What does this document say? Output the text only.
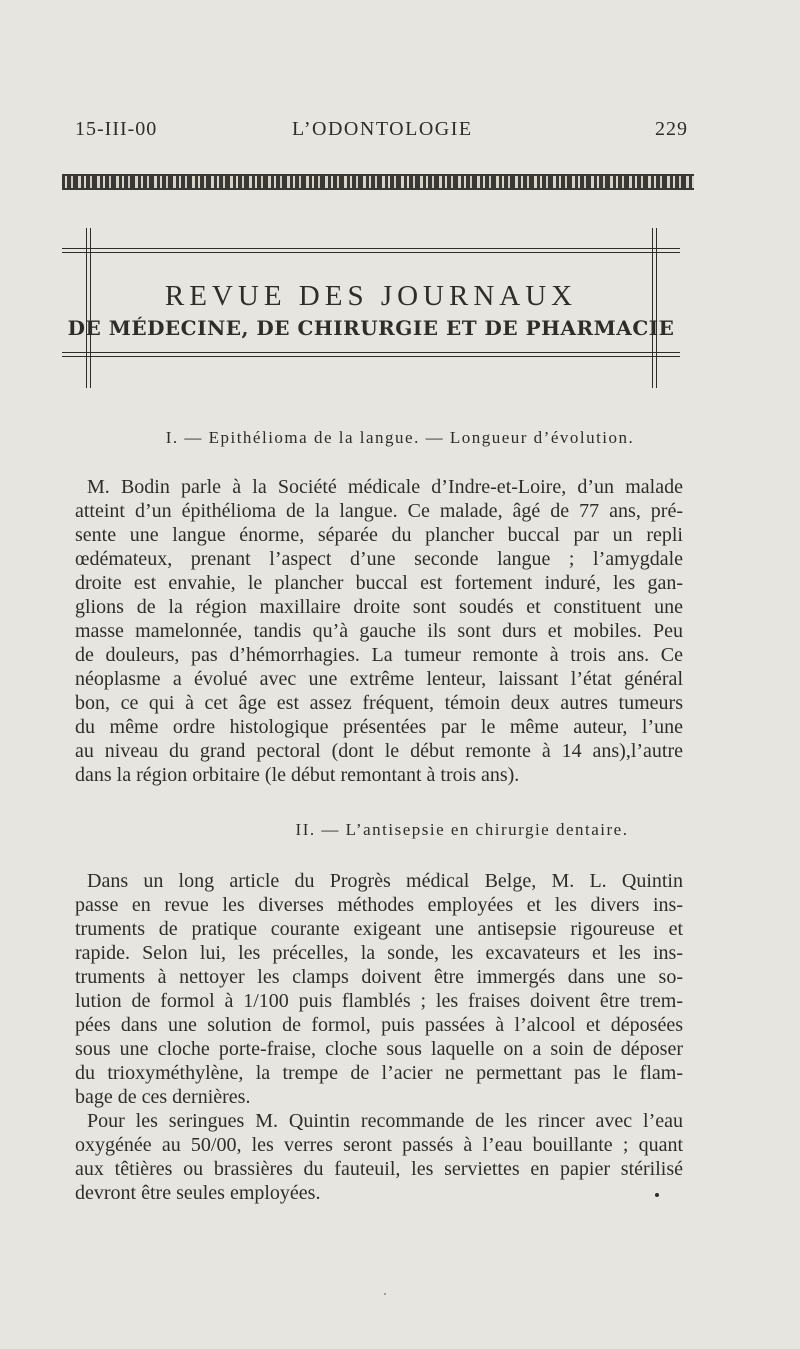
15-III-00	L’ODONTOLOGIE	229
REVUE DES JOURNAUX
DE MÉDECINE, DE CHIRURGIE ET DE PHARMACIE
I. — Epithélioma de la langue. — Longueur d’évolution.
M. Bodin parle à la Société médicale d’Indre-et-Loire, d’un malade
atteint d’un épithélioma de la langue. Ce malade, âgé de 77 ans, pré-
sente une langue énorme, séparée du plancher buccal par un repli
œdémateux, prenant l’aspect d’une seconde langue ; l’amygdale
droite est envahie, le plancher buccal est fortement induré, les gan-
glions de la région maxillaire droite sont soudés et constituent une
masse mamelonnée, tandis qu’à gauche ils sont durs et mobiles. Peu
de douleurs, pas d’hémorrhagies. La tumeur remonte à trois ans. Ce
néoplasme a évolué avec une extrême lenteur, laissant l’état général
bon, ce qui à cet âge est assez fréquent, témoin deux autres tumeurs
du même ordre histologique présentées par le même auteur, l’une
au niveau du grand pectoral (dont le début remonte à 14 ans),l’autre
dans la région orbitaire (le début remontant à trois ans).
II. — L’antisepsie en chirurgie dentaire.
Dans un long article du Progrès médical Belge, M. L. Quintin
passe en revue les diverses méthodes employées et les divers ins-
truments de pratique courante exigeant une antisepsie rigoureuse et
rapide. Selon lui, les précelles, la sonde, les excavateurs et les ins-
truments à nettoyer les clamps doivent être immergés dans une so-
lution de formol à 1/100 puis flamblés ; les fraises doivent être trem-
pées dans une solution de formol, puis passées à l’alcool et déposées
sous une cloche porte-fraise, cloche sous laquelle on a soin de déposer
du trioxyméthylène, la trempe de l’acier ne permettant pas le flam-
bage de ces dernières.
Pour les seringues M. Quintin recommande de les rincer avec l’eau
oxygénée au 50/00, les verres seront passés à l’eau bouillante ; quant
aux têtières ou brassières du fauteuil, les serviettes en papier stérilisé
devront être seules employées.
